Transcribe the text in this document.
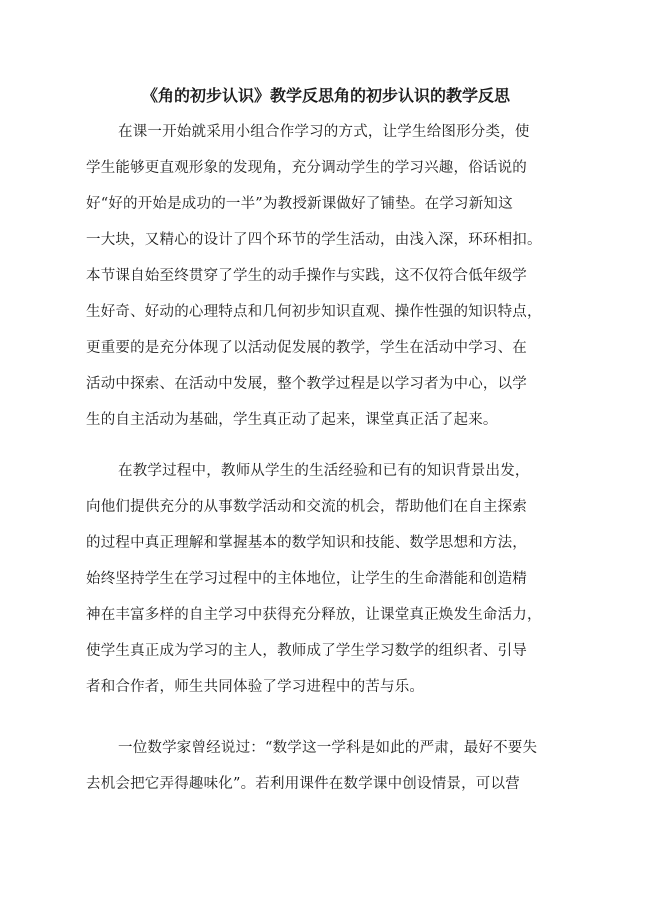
《角的初步认识》教学反思角的初步认识的教学反思
在课一开始就采用小组合作学习的方式，让学生给图形分类，使
学生能够更直观形象的发现角，充分调动学生的学习兴趣，俗话说的
好“好的开始是成功的一半”为教授新课做好了铺垫。在学习新知这
一大块，又精心的设计了四个环节的学生活动，由浅入深，环环相扣。
本节课自始至终贯穿了学生的动手操作与实践，这不仅符合低年级学
生好奇、好动的心理特点和几何初步知识直观、操作性强的知识特点，
更重要的是充分体现了以活动促发展的教学，学生在活动中学习、在
活动中探索、在活动中发展，整个教学过程是以学习者为中心，以学
生的自主活动为基础，学生真正动了起来，课堂真正活了起来。
在教学过程中，教师从学生的生活经验和已有的知识背景出发，
向他们提供充分的从事数学活动和交流的机会，帮助他们在自主探索
的过程中真正理解和掌握基本的数学知识和技能、数学思想和方法，
始终坚持学生在学习过程中的主体地位，让学生的生命潜能和创造精
神在丰富多样的自主学习中获得充分释放，让课堂真正焕发生命活力，
使学生真正成为学习的主人，教师成了学生学习数学的组织者、引导
者和合作者，师生共同体验了学习进程中的苦与乐。
一位数学家曾经说过：“数学这一学科是如此的严肃，最好不要失
去机会把它弄得趣味化”。若利用课件在数学课中创设情景，可以营
